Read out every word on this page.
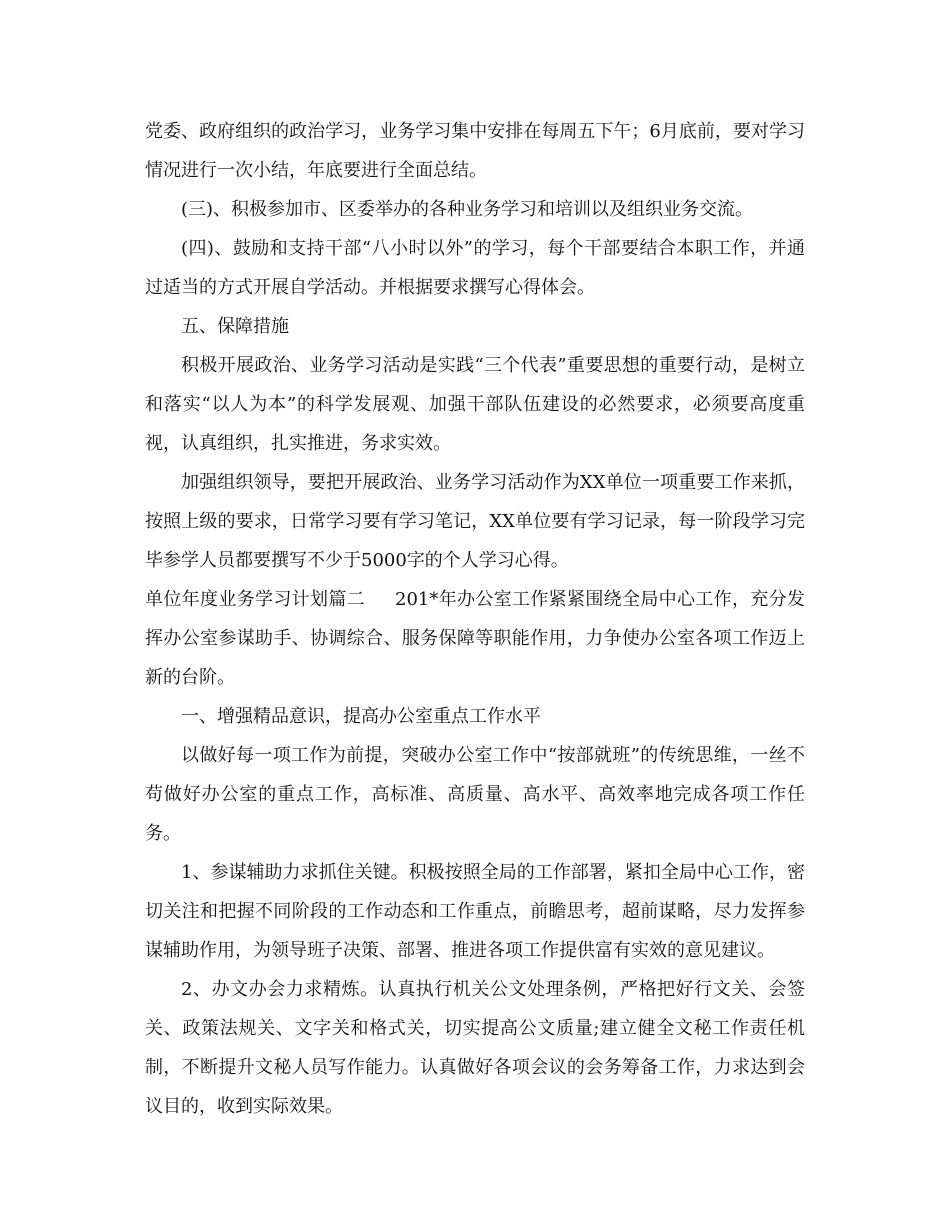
党委、政府组织的政治学习，业务学习集中安排在每周五下午；6月底前，要对学习情况进行一次小结，年底要进行全面总结。

(三)、积极参加市、区委举办的各种业务学习和培训以及组织业务交流。

(四)、鼓励和支持干部“八小时以外”的学习，每个干部要结合本职工作，并通过适当的方式开展自学活动。并根据要求撰写心得体会。

五、保障措施

积极开展政治、业务学习活动是实践“三个代表”重要思想的重要行动，是树立和落实“以人为本”的科学发展观、加强干部队伍建设的必然要求，必须要高度重视，认真组织，扎实推进，务求实效。

加强组织领导，要把开展政治、业务学习活动作为XX单位一项重要工作来抓，按照上级的要求，日常学习要有学习笔记，XX单位要有学习记录，每一阶段学习完毕参学人员都要撰写不少于5000字的个人学习心得。

单位年度业务学习计划篇二 201*年办公室工作紧紧围绕全局中心工作，充分发挥办公室参谋助手、协调综合、服务保障等职能作用，力争使办公室各项工作迈上新的台阶。

一、增强精品意识，提高办公室重点工作水平

以做好每一项工作为前提，突破办公室工作中“按部就班”的传统思维，一丝不苟做好办公室的重点工作，高标准、高质量、高水平、高效率地完成各项工作任务。

1、参谋辅助力求抓住关键。积极按照全局的工作部署，紧扣全局中心工作，密切关注和把握不同阶段的工作动态和工作重点，前瞻思考，超前谋略，尽力发挥参谋辅助作用，为领导班子决策、部署、推进各项工作提供富有实效的意见建议。

2、办文办会力求精炼。认真执行机关公文处理条例，严格把好行文关、会签关、政策法规关、文字关和格式关，切实提高公文质量;建立健全文秘工作责任机制，不断提升文秘人员写作能力。认真做好各项会议的会务筹备工作，力求达到会议目的，收到实际效果。
